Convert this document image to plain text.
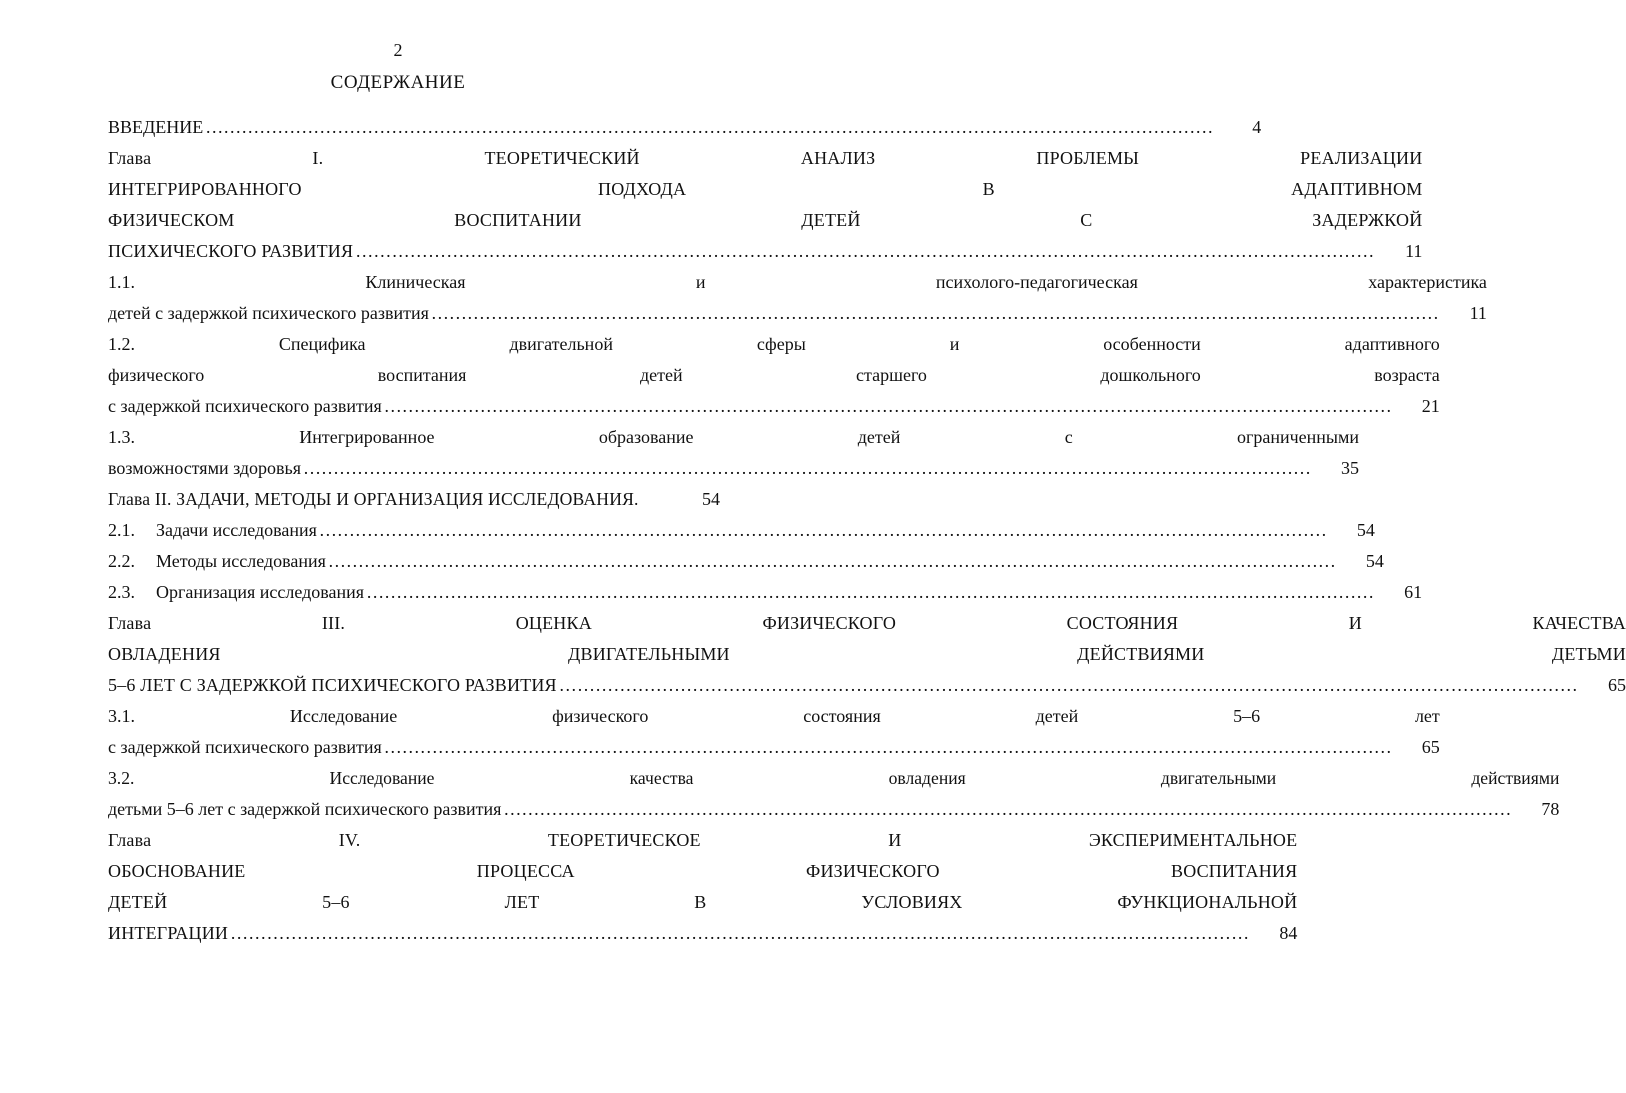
2
СОДЕРЖАНИЕ
ВВЕДЕНИЕ ……………………………………………………………………………………………………………………………………………………	4
Глава I. ТЕОРЕТИЧЕСКИЙ АНАЛИЗ ПРОБЛЕМЫ РЕАЛИЗАЦИИ
ИНТЕГРИРОВАННОГО ПОДХОДА В АДАПТИВНОМ
ФИЗИЧЕСКОМ ВОСПИТАНИИ ДЕТЕЙ С ЗАДЕРЖКОЙ
ПСИХИЧЕСКОГО РАЗВИТИЯ ……………………………………………………………………………………………………………………………………………………	11
1.1. Клиническая и психолого-педагогическая характеристика
детей с задержкой психического развития ……………………………………………………………………………………………………………………………………………………	11
1.2. Специфика двигательной сферы и особенности адаптивного
физического воспитания детей старшего дошкольного возраста
с задержкой психического развития ……………………………………………………………………………………………………………………………………………………	21
1.3. Интегрированное образование детей с ограниченными
возможностями здоровья ……………………………………………………………………………………………………………………………………………………	35
Глава II. ЗАДАЧИ, МЕТОДЫ И ОРГАНИЗАЦИЯ ИССЛЕДОВАНИЯ.	54
2.1. Задачи исследования ……………………………………………………………………………………………………………………………………………………	54
2.2. Методы исследования ……………………………………………………………………………………………………………………………………………………	54
2.3. Организация исследования ……………………………………………………………………………………………………………………………………………………	61
Глава III. ОЦЕНКА ФИЗИЧЕСКОГО СОСТОЯНИЯ И КАЧЕСТВА
ОВЛАДЕНИЯ ДВИГАТЕЛЬНЫМИ ДЕЙСТВИЯМИ ДЕТЬМИ
5–6 ЛЕТ С ЗАДЕРЖКОЙ ПСИХИЧЕСКОГО РАЗВИТИЯ ……………………………………………………………………………………………………………………………………………………	65
3.1. Исследование физического состояния детей 5–6 лет
с задержкой психического развития ……………………………………………………………………………………………………………………………………………………	65
3.2. Исследование качества овладения двигательными действиями
детьми 5–6 лет с задержкой психического развития ……………………………………………………………………………………………………………………………………………………	78
Глава IV. ТЕОРЕТИЧЕСКОЕ И ЭКСПЕРИМЕНТАЛЬНОЕ
ОБОСНОВАНИЕ ПРОЦЕССА ФИЗИЧЕСКОГО ВОСПИТАНИЯ
ДЕТЕЙ 5–6 ЛЕТ В УСЛОВИЯХ ФУНКЦИОНАЛЬНОЙ
ИНТЕГРАЦИИ ……………………………………………………………………………………………………………………………………………………	84
